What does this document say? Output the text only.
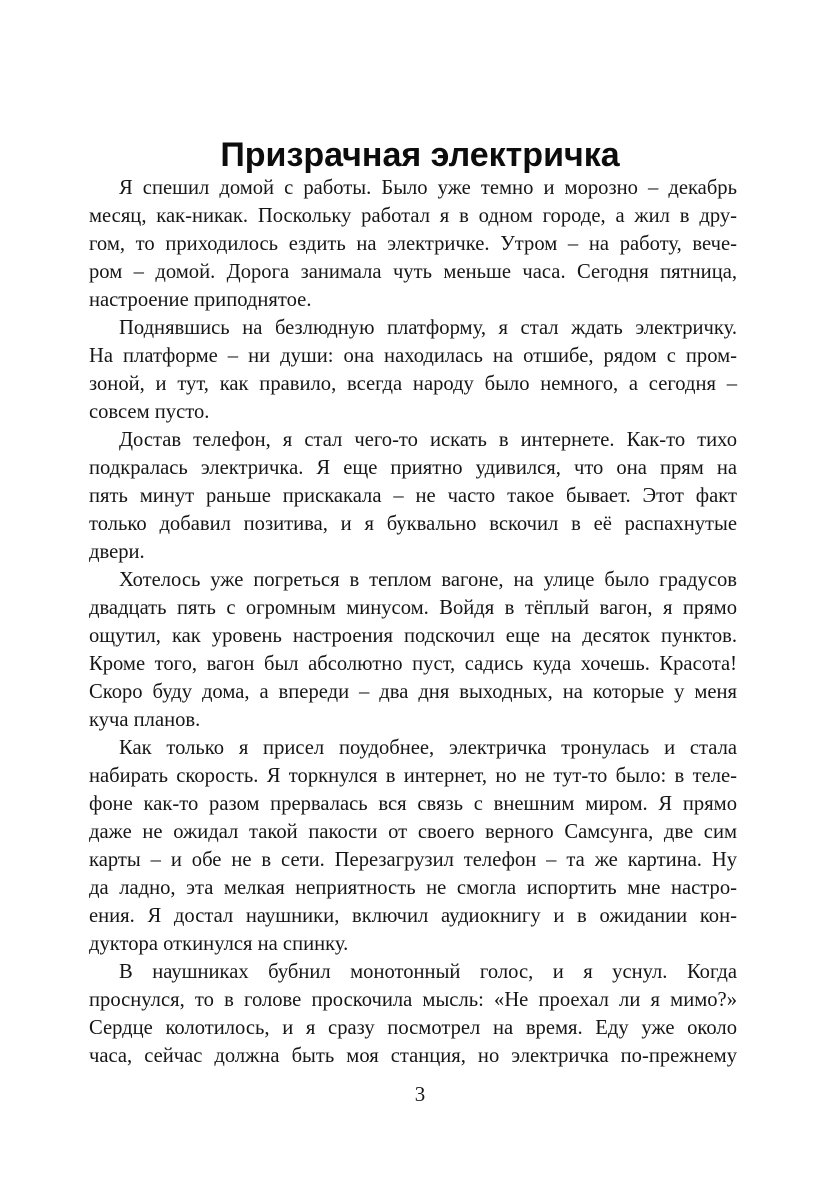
Призрачная электричка
Я спешил домой с работы. Было уже темно и морозно – декабрь
месяц, как-никак. Поскольку работал я в одном городе, а жил в дру-
гом, то приходилось ездить на электричке. Утром – на работу, вече-
ром – домой. Дорога занимала чуть меньше часа. Сегодня пятница,
настроение приподнятое.
Поднявшись на безлюдную платформу, я стал ждать электричку.
На платформе – ни души: она находилась на отшибе, рядом с пром-
зоной, и тут, как правило, всегда народу было немного, а сегодня –
совсем пусто.
Достав телефон, я стал чего-то искать в интернете. Как-то тихо
подкралась электричка. Я еще приятно удивился, что она прям на
пять минут раньше прискакала – не часто такое бывает. Этот факт
только добавил позитива, и я буквально вскочил в её распахнутые
двери.
Хотелось уже погреться в теплом вагоне, на улице было градусов
двадцать пять с огромным минусом. Войдя в тёплый вагон, я прямо
ощутил, как уровень настроения подскочил еще на десяток пунктов.
Кроме того, вагон был абсолютно пуст, садись куда хочешь. Красота!
Скоро буду дома, а впереди – два дня выходных, на которые у меня
куча планов.
Как только я присел поудобнее, электричка тронулась и стала
набирать скорость. Я торкнулся в интернет, но не тут-то было: в теле-
фоне как-то разом прервалась вся связь с внешним миром. Я прямо
даже не ожидал такой пакости от своего верного Самсунга, две сим
карты – и обе не в сети. Перезагрузил телефон – та же картина. Ну
да ладно, эта мелкая неприятность не смогла испортить мне настро-
ения. Я достал наушники, включил аудиокнигу и в ожидании кон-
дуктора откинулся на спинку.
В наушниках бубнил монотонный голос, и я уснул. Когда
проснулся, то в голове проскочила мысль: «Не проехал ли я мимо?»
Сердце колотилось, и я сразу посмотрел на время. Еду уже около
часа, сейчас должна быть моя станция, но электричка по-прежнему
3
